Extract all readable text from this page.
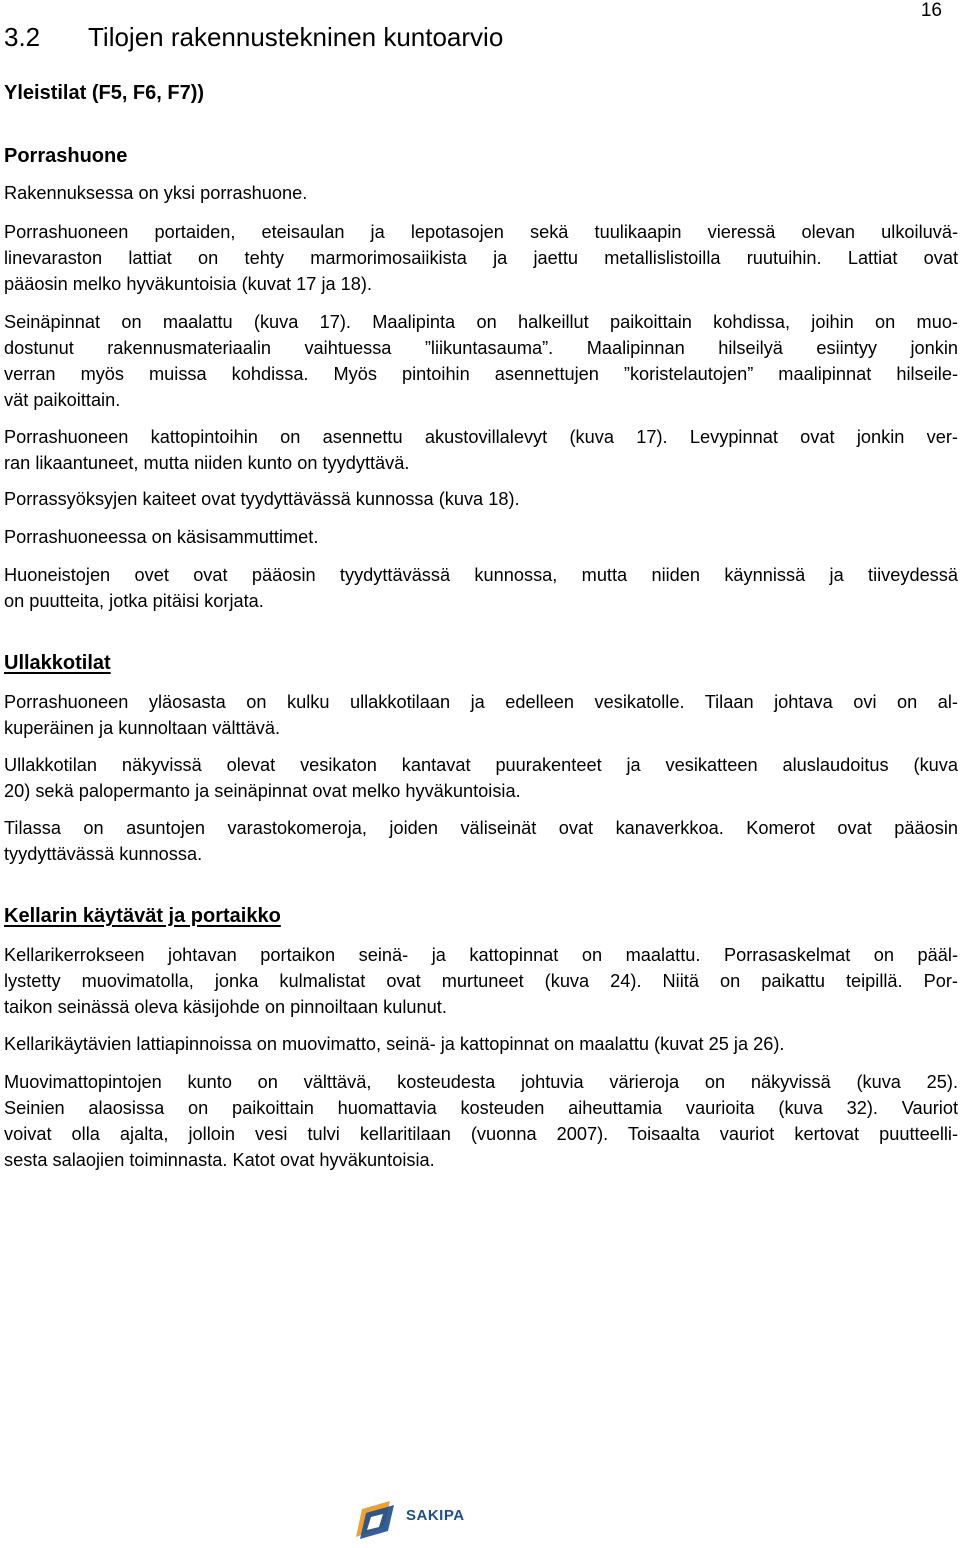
16
3.2 Tilojen rakennustekninen kuntoarvio
Yleistilat (F5, F6, F7))
Porrashuone
Ullakkotilat
Kellarin käytävät ja portaikko
SAKIPA
Rakennuksessa on yksi porrashuone.
Porrashuoneen portaiden, eteisaulan ja lepotasojen sekä tuulikaapin vieressä olevan ulkoiluvä-
linevaraston lattiat on tehty marmorimosaiikista ja jaettu metallislistoilla ruutuihin. Lattiat ovat
pääosin melko hyväkuntoisia (kuvat 17 ja 18).
Seinäpinnat on maalattu (kuva 17). Maalipinta on halkeillut paikoittain kohdissa, joihin on muo-
dostunut rakennusmateriaalin vaihtuessa ”liikuntasauma”. Maalipinnan hilseilyä esiintyy jonkin
verran myös muissa kohdissa. Myös pintoihin asennettujen ”koristelautojen” maalipinnat hilseile-
vät paikoittain.
Porrashuoneen kattopintoihin on asennettu akustovillalevyt (kuva 17). Levypinnat ovat jonkin ver-
ran likaantuneet, mutta niiden kunto on tyydyttävä.
Porrassyöksyjen kaiteet ovat tyydyttävässä kunnossa (kuva 18).
Porrashuoneessa on käsisammuttimet.
Huoneistojen ovet ovat pääosin tyydyttävässä kunnossa, mutta niiden käynnissä ja tiiveydessä
on puutteita, jotka pitäisi korjata.
Porrashuoneen yläosasta on kulku ullakkotilaan ja edelleen vesikatolle. Tilaan johtava ovi on al-
kuperäinen ja kunnoltaan välttävä.
Ullakkotilan näkyvissä olevat vesikaton kantavat puurakenteet ja vesikatteen aluslaudoitus (kuva
20) sekä palopermanto ja seinäpinnat ovat melko hyväkuntoisia.
Tilassa on asuntojen varastokomeroja, joiden väliseinät ovat kanaverkkoa. Komerot ovat pääosin
tyydyttävässä kunnossa.
Kellarikerrokseen johtavan portaikon seinä- ja kattopinnat on maalattu. Porrasaskelmat on pääl-
lystetty muovimatolla, jonka kulmalistat ovat murtuneet (kuva 24). Niitä on paikattu teipillä. Por-
taikon seinässä oleva käsijohde on pinnoiltaan kulunut.
Kellarikäytävien lattiapinnoissa on muovimatto, seinä- ja kattopinnat on maalattu (kuvat 25 ja 26).
Muovimattopintojen kunto on välttävä, kosteudesta johtuvia värieroja on näkyvissä (kuva 25).
Seinien alaosissa on paikoittain huomattavia kosteuden aiheuttamia vaurioita (kuva 32). Vauriot
voivat olla ajalta, jolloin vesi tulvi kellaritilaan (vuonna 2007). Toisaalta vauriot kertovat puutteelli-
sesta salaojien toiminnasta. Katot ovat hyväkuntoisia.
